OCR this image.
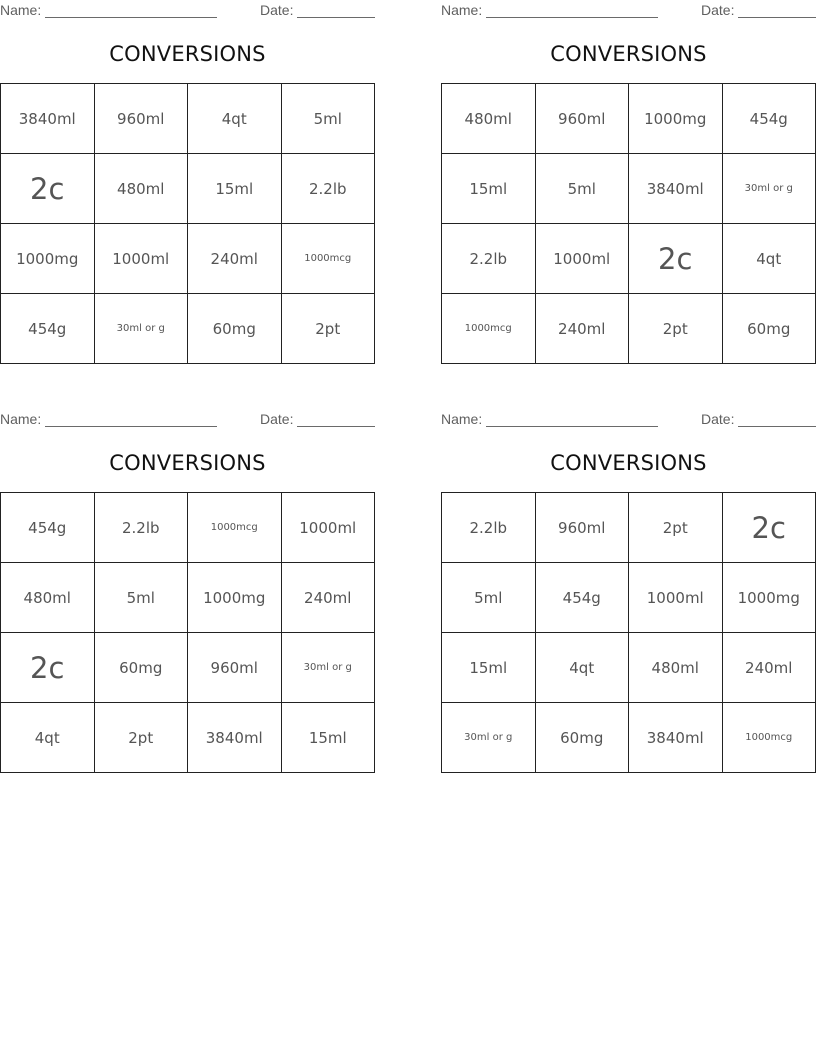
Name:	Date:
CONVERSIONS
3840ml	960ml	4qt	5ml
2c	480ml	15ml	2.2lb
1000mg	1000ml	240ml	1000mcg
454g	30ml or g	60mg	2pt
Name:	Date:
CONVERSIONS
480ml	960ml	1000mg	454g
15ml	5ml	3840ml	30ml or g
2.2lb	1000ml	2c	4qt
1000mcg	240ml	2pt	60mg
Name:	Date:
CONVERSIONS
454g	2.2lb	1000mcg	1000ml
480ml	5ml	1000mg	240ml
2c	60mg	960ml	30ml or g
4qt	2pt	3840ml	15ml
Name:	Date:
CONVERSIONS
2.2lb	960ml	2pt	2c
5ml	454g	1000ml	1000mg
15ml	4qt	480ml	240ml
30ml or g	60mg	3840ml	1000mcg
